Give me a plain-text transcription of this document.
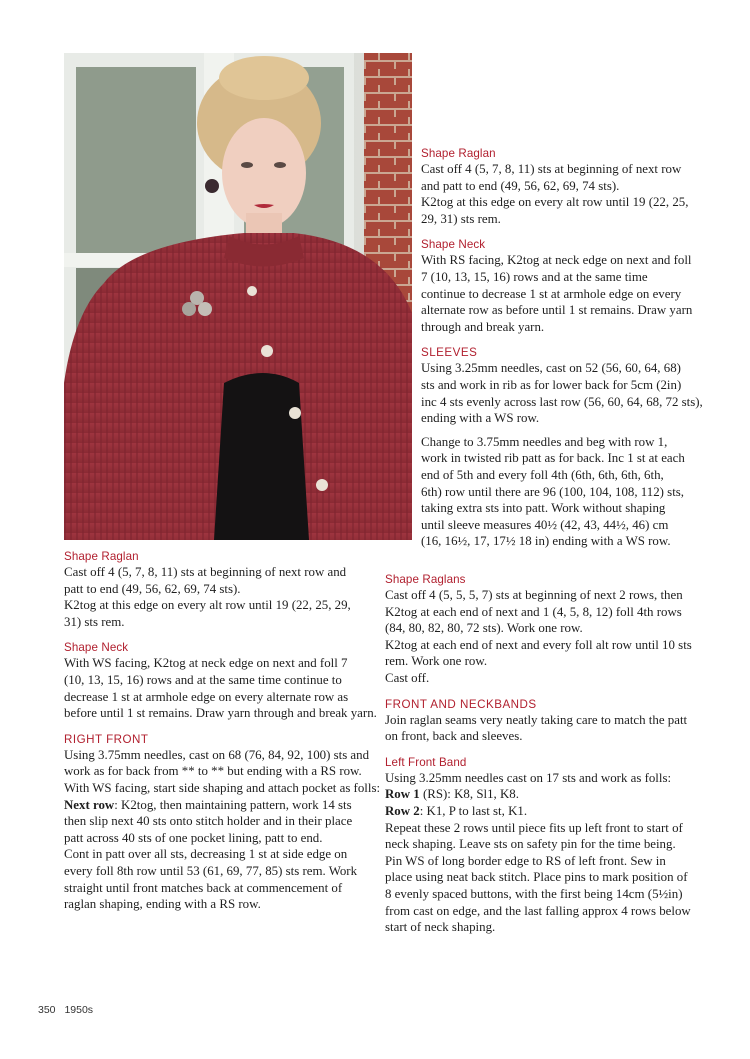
Shape Raglan
Cast off 4 (5, 7, 8, 11) sts at beginning of next row
and patt to end (49, 56, 62, 69, 74 sts).
K2tog at this edge on every alt row until 19 (22, 25,
29, 31) sts rem.
Shape Neck
With RS facing, K2tog at neck edge on next and foll
7 (10, 13, 15, 16) rows and at the same time
continue to decrease 1 st at armhole edge on every
alternate row as before until 1 st remains. Draw yarn
through and break yarn.
SLEEVES
Using 3.25mm needles, cast on 52 (56, 60, 64, 68)
sts and work in rib as for lower back for 5cm (2in)
inc 4 sts evenly across last row (56, 60, 64, 68, 72 sts),
ending with a WS row.
Change to 3.75mm needles and beg with row 1,
work in twisted rib patt as for back. Inc 1 st at each
end of 5th and every foll 4th (6th, 6th, 6th, 6th,
6th) row until there are 96 (100, 104, 108, 112) sts,
taking extra sts into patt. Work without shaping
until sleeve measures 40½ (42, 43, 44½, 46) cm
(16, 16½, 17, 17½ 18 in) ending with a WS row.
Shape Raglan
Cast off 4 (5, 7, 8, 11) sts at beginning of next row and
patt to end (49, 56, 62, 69, 74 sts).
K2tog at this edge on every alt row until 19 (22, 25, 29,
31) sts rem.
Shape Neck
With WS facing, K2tog at neck edge on next and foll 7
(10, 13, 15, 16) rows and at the same time continue to
decrease 1 st at armhole edge on every alternate row as
before until 1 st remains. Draw yarn through and break yarn.
RIGHT FRONT
Using 3.75mm needles, cast on 68 (76, 84, 92, 100) sts and
work as for back from ** to ** but ending with a RS row.
With WS facing, start side shaping and attach pocket as folls:
Next row: K2tog, then maintaining pattern, work 14 sts
then slip next 40 sts onto stitch holder and in their place
patt across 40 sts of one pocket lining, patt to end.
Cont in patt over all sts, decreasing 1 st at side edge on
every foll 8th row until 53 (61, 69, 77, 85) sts rem. Work
straight until front matches back at commencement of
raglan shaping, ending with a RS row.
Shape Raglans
Cast off 4 (5, 5, 5, 7) sts at beginning of next 2 rows, then
K2tog at each end of next and 1 (4, 5, 8, 12) foll 4th rows
(84, 80, 82, 80, 72 sts). Work one row.
K2tog at each end of next and every foll alt row until 10 sts
rem. Work one row.
Cast off.
FRONT AND NECKBANDS
Join raglan seams very neatly taking care to match the patt
on front, back and sleeves.
Left Front Band
Using 3.25mm needles cast on 17 sts and work as folls:
Row 1 (RS): K8, Sl1, K8.
Row 2: K1, P to last st, K1.
Repeat these 2 rows until piece fits up left front to start of
neck shaping. Leave sts on safety pin for the time being.
Pin WS of long border edge to RS of left front. Sew in
place using neat back stitch. Place pins to mark position of
8 evenly spaced buttons, with the first being 14cm (5½in)
from cast on edge, and the last falling approx 4 rows below
start of neck shaping.
350 1950s
